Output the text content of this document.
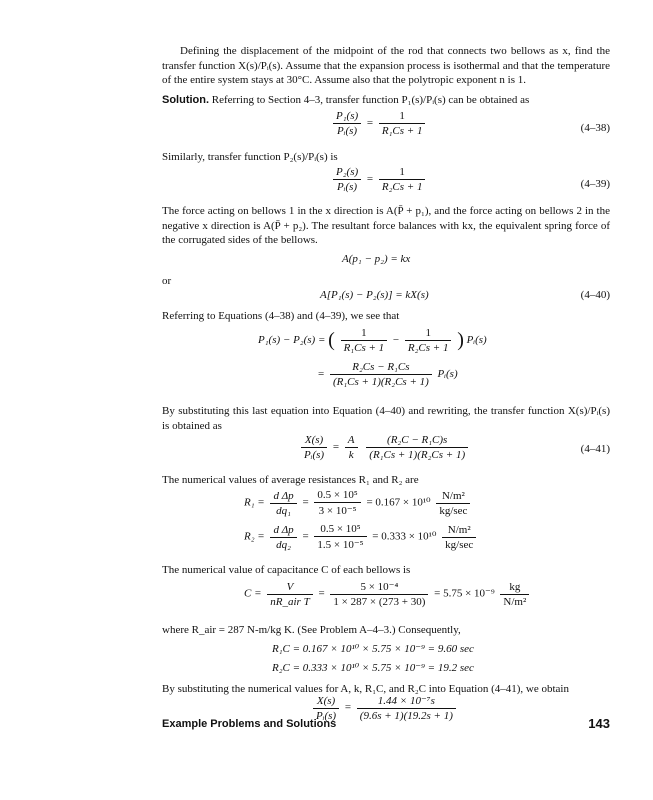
Defining the displacement of the midpoint of the rod that connects two bellows as x, find the transfer function X(s)/Pᵢ(s). Assume that the expansion process is isothermal and that the temperature of the entire system stays at 30°C. Assume also that the polytropic exponent n is 1.
Solution. Referring to Section 4–3, transfer function P₁(s)/Pᵢ(s) can be obtained as
$\frac{\text{P₁(s)}}{\text{Pᵢ(s)}} = \frac{1}{\text{R₁Cs + 1}}$	(4–38)
Similarly, transfer function P₂(s)/Pᵢ(s) is
$\frac{\text{P₂(s)}}{\text{Pᵢ(s)}} = \frac{1}{\text{R₂Cs + 1}}$	(4–39)
The force acting on bellows 1 in the x direction is A(P̄ + p₁), and the force acting on bellows 2 in the negative x direction is A(P̄ + p₂). The resultant force balances with kx, the equivalent spring force of the corrugated sides of the bellows.
A(p₁ − p₂) = kx
or
A[P₁(s) − P₂(s)] = kX(s)	(4–40)
Referring to Equations (4–38) and (4–39), we see that
P₁(s) − P₂(s) = ( $\frac{1}{\text{R₁Cs + 1}} - \frac{1}{\text{R₂Cs + 1}}$ ) Pᵢ(s)
= $\frac{\text{R₂Cs − R₁Cs}}{\text{(R₁Cs + 1)(R₂Cs + 1)}}$ Pᵢ(s)
By substituting this last equation into Equation (4–40) and rewriting, the transfer function X(s)/Pᵢ(s) is obtained as
$\frac{X(s)}{\text{Pᵢ(s)}} = \frac{A}{k}$
$\frac{\text{(R₂C − R₁C)s}}{\text{(R₁Cs + 1)(R₂Cs + 1)}}$	(4–41)
The numerical values of average resistances R₁ and R₂ are
$R_1 = \frac{\text{d Δp}}{\text{dq₁}} = \frac{\text{0.5 × 10⁵}}{\text{3 × 10⁻⁵}} = 0.167 \times 10^{10} \frac{\text{N/m²}}{kg/\sec}$
$R_2 = \frac{\text{d Δp}}{\text{dq₂}} = \frac{\text{0.5 × 10⁵}}{\text{1.5 × 10⁻⁵}} = 0.333 \times 10^{10} \frac{\text{N/m²}}{kg/\sec}$
The numerical value of capacitance C of each bellows is
$C = \frac{V}{\text{nR\_air T}} = \frac{\text{5 × 10⁻⁴}}{1 \times 287 \times (273 + 30)} = 5.75 \times 10^{-9} \frac{kg}{\text{N/m²}}$
where R_air = 287 N-m/kg K. (See Problem A–4–3.) Consequently,
R₁C = 0.167 × 10¹⁰ × 5.75 × 10⁻⁹ = 9.60 sec
R₂C = 0.333 × 10¹⁰ × 5.75 × 10⁻⁹ = 19.2 sec
By substituting the numerical values for A, k, R₁C, and R₂C into Equation (4–41), we obtain
$\frac{X(s)}{\text{Pᵢ(s)}} = \frac{\text{1.44 × 10⁻⁷s}}{(9.6s + 1)(19.2s + 1)}$
Example Problems and Solutions	143
